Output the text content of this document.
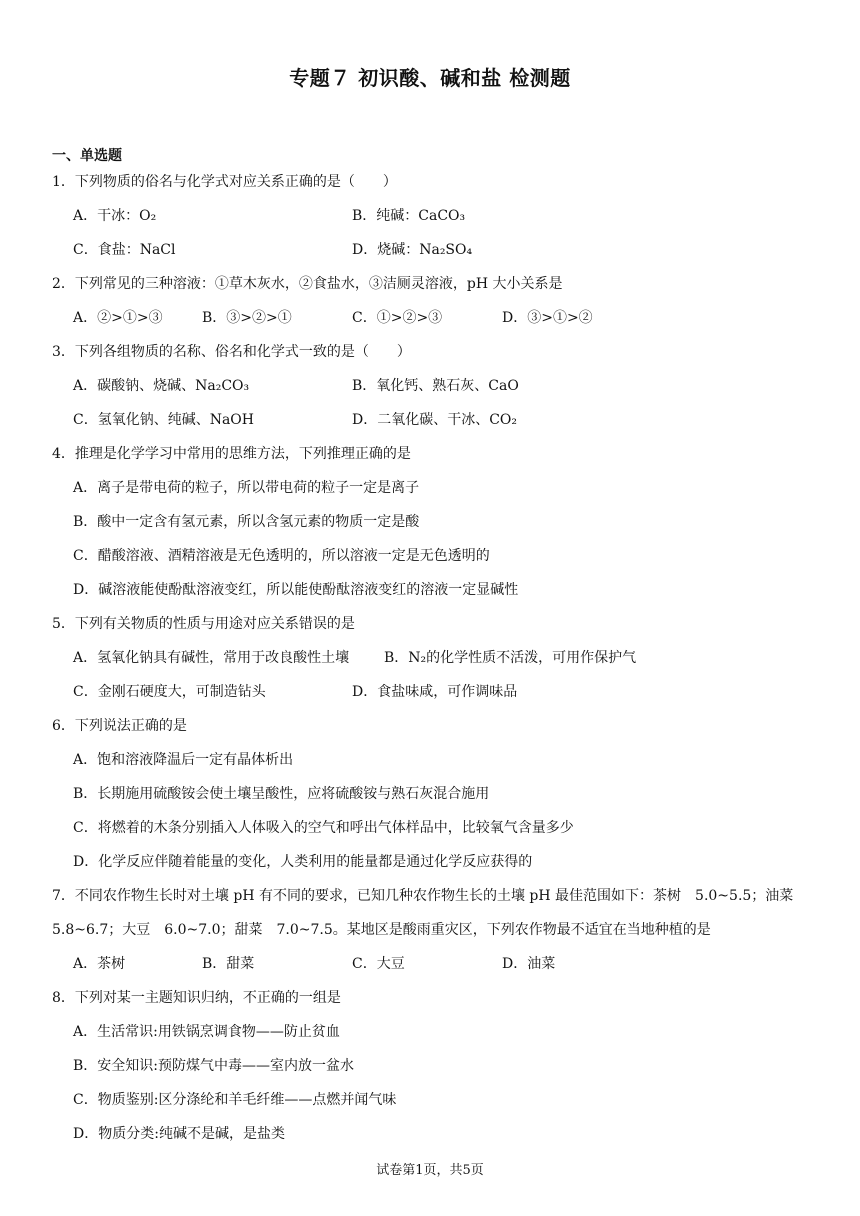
专题７ 初识酸、碱和盐 检测题
一、单选题
1．下列物质的俗名与化学式对应关系正确的是（　　）
A．干冰：O₂	B．纯碱：CaCO₃
C．食盐：NaCl	D．烧碱：Na₂SO₄
2．下列常见的三种溶液：①草木灰水，②食盐水，③洁厕灵溶液，pH 大小关系是
A．②>①>③	B．③>②>①	C．①>②>③	D．③>①>②
3．下列各组物质的名称、俗名和化学式一致的是（　　）
A．碳酸钠、烧碱、Na₂CO₃	B．氧化钙、熟石灰、CaO
C．氢氧化钠、纯碱、NaOH	D．二氧化碳、干冰、CO₂
4．推理是化学学习中常用的思维方法，下列推理正确的是
A．离子是带电荷的粒子，所以带电荷的粒子一定是离子
B．酸中一定含有氢元素，所以含氢元素的物质一定是酸
C．醋酸溶液、酒精溶液是无色透明的，所以溶液一定是无色透明的
D．碱溶液能使酚酞溶液变红，所以能使酚酞溶液变红的溶液一定显碱性
5．下列有关物质的性质与用途对应关系错误的是
A．氢氧化钠具有碱性，常用于改良酸性土壤 B．N₂的化学性质不活泼，可用作保护气
C．金刚石硬度大，可制造钻头	D．食盐味咸，可作调味品
6．下列说法正确的是
A．饱和溶液降温后一定有晶体析出
B．长期施用硫酸铵会使土壤呈酸性，应将硫酸铵与熟石灰混合施用
C．将燃着的木条分别插入人体吸入的空气和呼出气体样品中，比较氧气含量多少
D．化学反应伴随着能量的变化，人类利用的能量都是通过化学反应获得的
7．不同农作物生长时对土壤 pH 有不同的要求，已知几种农作物生长的土壤 pH 最佳范围如下：茶树　5.0~5.5；油菜　5.8~6.7；大豆　6.0~7.0；甜菜　7.0~7.5。某地区是酸雨重灾区，下列农作物最不适宜在当地种植的是
A．茶树	B．甜菜	C．大豆	D．油菜
8．下列对某一主题知识归纳，不正确的一组是
A．生活常识:用铁锅烹调食物——防止贫血
B．安全知识:预防煤气中毒——室内放一盆水
C．物质鉴别:区分涤纶和羊毛纤维——点燃并闻气味
D．物质分类:纯碱不是碱，是盐类
试卷第1页，共5页
